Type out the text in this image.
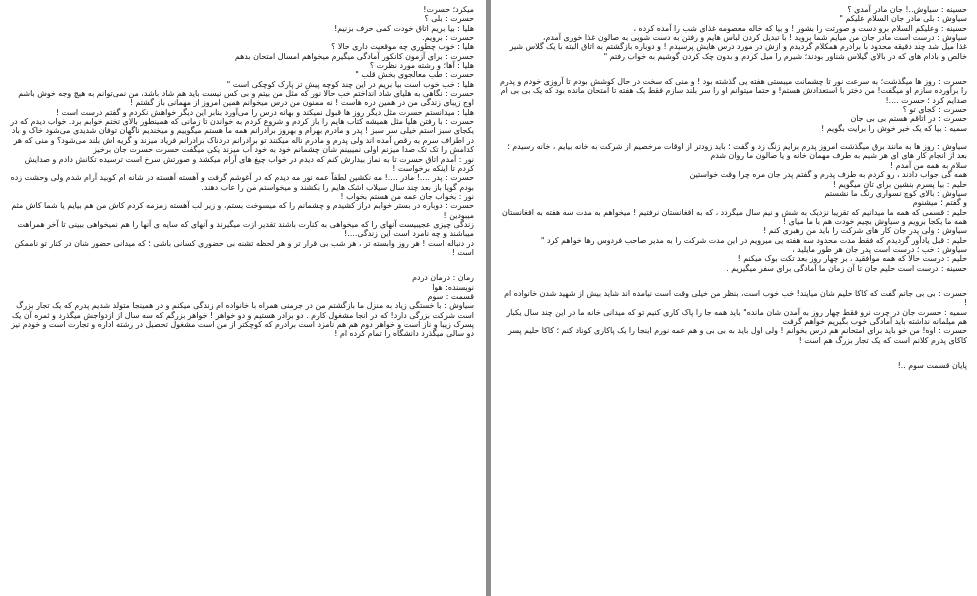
میکرد؛ حسرت!

حسرت : بلی ؟

هلیا : بیا بریم اتاق خودت کمی حرف بزنیم!

حسرت : برویم.

هلیا : خوب چطوری چه موقعیت داری حالا ؟

حسرت : برای آزمون کانکور آمادگی میگیرم میخواهم امسال امتحان بدهم

هلیا : آها؛ و رشته مورد نظرت ؟

حسرت : طب معالجوی بخش قلب "

هلیا : خب خوب است بیا بریم در این چند کوچه پیش تر پارک کوچکی است "

حسرت : نگاهی به هلیای شاد انداختم خب حالا نور که مثل من بیتم و بی کس نیست باید هم شاد باشد، من نمی‌توانم به هیچ وجه خوش باشم اوج زیبای زندگی من در همین دره هاست ! نه ممنون من درس میخوانم همین امروز از مهمانی باز گشتم !

هلیا : میدانستم حسرت مثل دیگر روز ها قبول نمیکند و بهانه درس را می‌آورد بنابر این دیگر خواهش نکردم و گفتم درست است !

حسرت : با رفتن هلیا مثل همیشه کتاب هایم را باز کردم و شروع کردم به خواندن تا زمانی که همینطور بالای تختم خوابم برد. خواب دیدم که در یکجای سبز استم خیلی سر سبز ! پدر و مادرم بهرام و بهروز برادرانم همه ما هستم میگوییم و میخندیم ناگهان توفان شدیدی می‌شود خاک و باد در اطراف سرم به رقص آمده اند ولی پدرم و مادرم ناله میکنند تو برادرانم دردناک برادرانم فریاد میزند و گریه اش بلند می‌شود؟ و منی که هر کدامش را تک تک صدا میزنم اولی نمیبینم شان چشمانم خود به خود آب میزند یکی میگفت حسرت حسرت جان برخیز

نور : آمدم اتاق حسرت تا به نماز بیدارش کنم که دیدم در خواب چیغ های آرام میکشد و صورتش سرخ است ترسیده تکانش دادم و صدایش کردم تا اینکه برخواست !

حسرت : پدر ....! مادر ....! مه نکشین لطفاً عمه نور مه دیدم که در آغوشم گرفت و آهسته آهسته در شانه ام کوبید آرام شدم ولی وحشت زده بودم گویا باز بعد چند سال سیلاب اشک هایم را بکشند و میخواستم من را عاب دهند.

نور : بخواب جان عمه من هستم بخواب !

حسرت : دوباره در بستر خوابم دراز کشیدم و چشمانم را که میسوخت بستم، و زیر لب آهسته زمزمه کردم کاش من هم بیایم یا شما کاش مثم میبودین !

زندگی چیزی عجیبیست آنهای را که میخواهی به کنارت باشند تقدیر ازت میگیرند و آنهای که سایه ی آنها را هم نمیخواهی ببینی تا آخر همراهت میباشند و چه نامرد است این زندگی....!

در دنباله است ! هر روز وابسته تر ، هر شب بی قرار تر و هر لحظه تشنه بی حضوری کسانی باشی ؛ که میدانی حضور شان در کنار تو ناممکن است !

رمان : درمان دردم

نویسنده: هوا

قسمت : سوم

سیاوش : با خستگی زیاد به منزل ما بازگشتم من در جرمنی همراه با خانواده ام زندگی میکنم و در همینجا متولد شدیم پدرم که یک تجار بزرگ است شرکت بزرگی دارد! که در انجا مشغول کارم . دو برادر هستیم و دو خواهر ! خواهر بزرگم که سه سال از ازدواجش میگذرد و ثمره آن یک پسرک زیبا و ناز است و خواهر دوم هم هم نامزد است برادرم که کوچکتر از من است مشغول تحصیل در رشته اداره و تجارت است و خودم نیز دو سالی میگذرد دانشگاه را تمام کرده ام !

حسینه : سیاوش..! جان مادر آمدی ؟

سیاوش : بلی مادر جان السلام علیکم "

حسینه : وعلیکم السلام برو دست و صورتت را بشور ! و بیا که خاله معصومه غذای شب را آمده کرده ،

سیاوش : درست است مادر جان من میایم شما بروید ! با تبدیل کردن لباس هایم و رفتن به دست شویی به صالون غذا خوری آمدم،

غذا میل شد چند دقیقه محدود با برادرم همکلام گردیدم و ازش در مورد درس هایش پرسیدم ! و دوباره بازگشتم به اتاق البته با یک گلاس شیر خالص و بادام های که در بالای گیلاس شناور بودند؛ شیرم را میل کردم و بدون چک کردن گوشیم به خواب رفتم "

حسرت : روز ها میگذشت؛ به سرعت نور تا چشمانت میبستی هفته یی گذشته بود ! و منی که سخت در حال کوشش بودم تا آروزی خودم و پدرم را برآورده سازم او میگفت! من دختر با استعدادش هستم! و حتما میتوانم او را سر بلند سازم فقط یک هفته تا امتحان مانده بود که یک بی بی ام صدایم کرد ؛ حسرت ....!

حسرت : کجای تو ؟

حسرت : در اتاقم هستم بی بی جان

سمیه : بیا که یک خبر خوش را برایت بگویم !

سیاوش : روز ها به مانند برق میگذشت امروز پدرم برایم زنگ زد و گفت ؛ باید زودتر از اوقات مرخصیم از شرکت به خانه بیایم ، خانه رسیدم ؛ بعد از انجام کار های ای هر شیم به طرف مهمان خانه و یا صالون ما روان شدم

سلام به همه من آمدم !

همه گی جواب دادند ، رو کردم به طرف پدرم و گفتم پدر جان مره چرا وقت خواستین

حلیم : بیا پسرم بنشین برای تان میگویم !

سیاوش : بالای کوچ نسواری رنگ ما نشستم

و گفتم ؛ میشنوم

حلیم : قسمی که همه ما میدانیم که تقریبا نزدیک به شش و نیم سال میگردد ، که به افغانستان نرفتیم ! میخواهم به مدت سه هفته به افغانستان همه ما یکجا برویم و سیاوش بچیم خودت هم با ما میای !

سیاوش : ولی پدر جان کار های شرکت را باید من رهبری کنم !

حلیم : قبل یادآور گردیدم که فقط مدت محدود سه هفته یی میرویم در این مدت شرکت را به مدیر صاحب فردوس رها خواهم کرد "

سیاوش : خب ؛ درست است پدر جان هر طور مایلید ،

حلیم : درست حالا که همه موافقید ، بر چهار روز بعد تکت بوک میکنم !

حسینه : درست است حلیم جان تا آن زمان ما آمادگی برای سفر میگیریم .

حسرت : بی بی جانم گفت که کاکا حلیم شان میایند! خب خوب است، بنظر من خیلی وقت است نیامده اند شاید بیش از شهید شدن خانواده ام !

سمیه : حسرت جان در چرت نرو فقط چهار روز به آمدن شان مانده" باید همه جا را پاک کاری کنیم تو که میدانی خانه ما در این چند سال یکبار هم میلمانه نداشته باید آمادگی خوب بگیریم خواهم گرفت

حسرت : اوه! من خو باید برای امتحانم هم درس بخوانم ! ولی اول باید به بی بی و هم عمه نورم اینجا را یک پاکاری کوناد کنم ؛ کاکا حلیم پسر کاکای پدرم کلانم است که یک تجار بزرگ هم است !

پایان قسمت سوم ..!
